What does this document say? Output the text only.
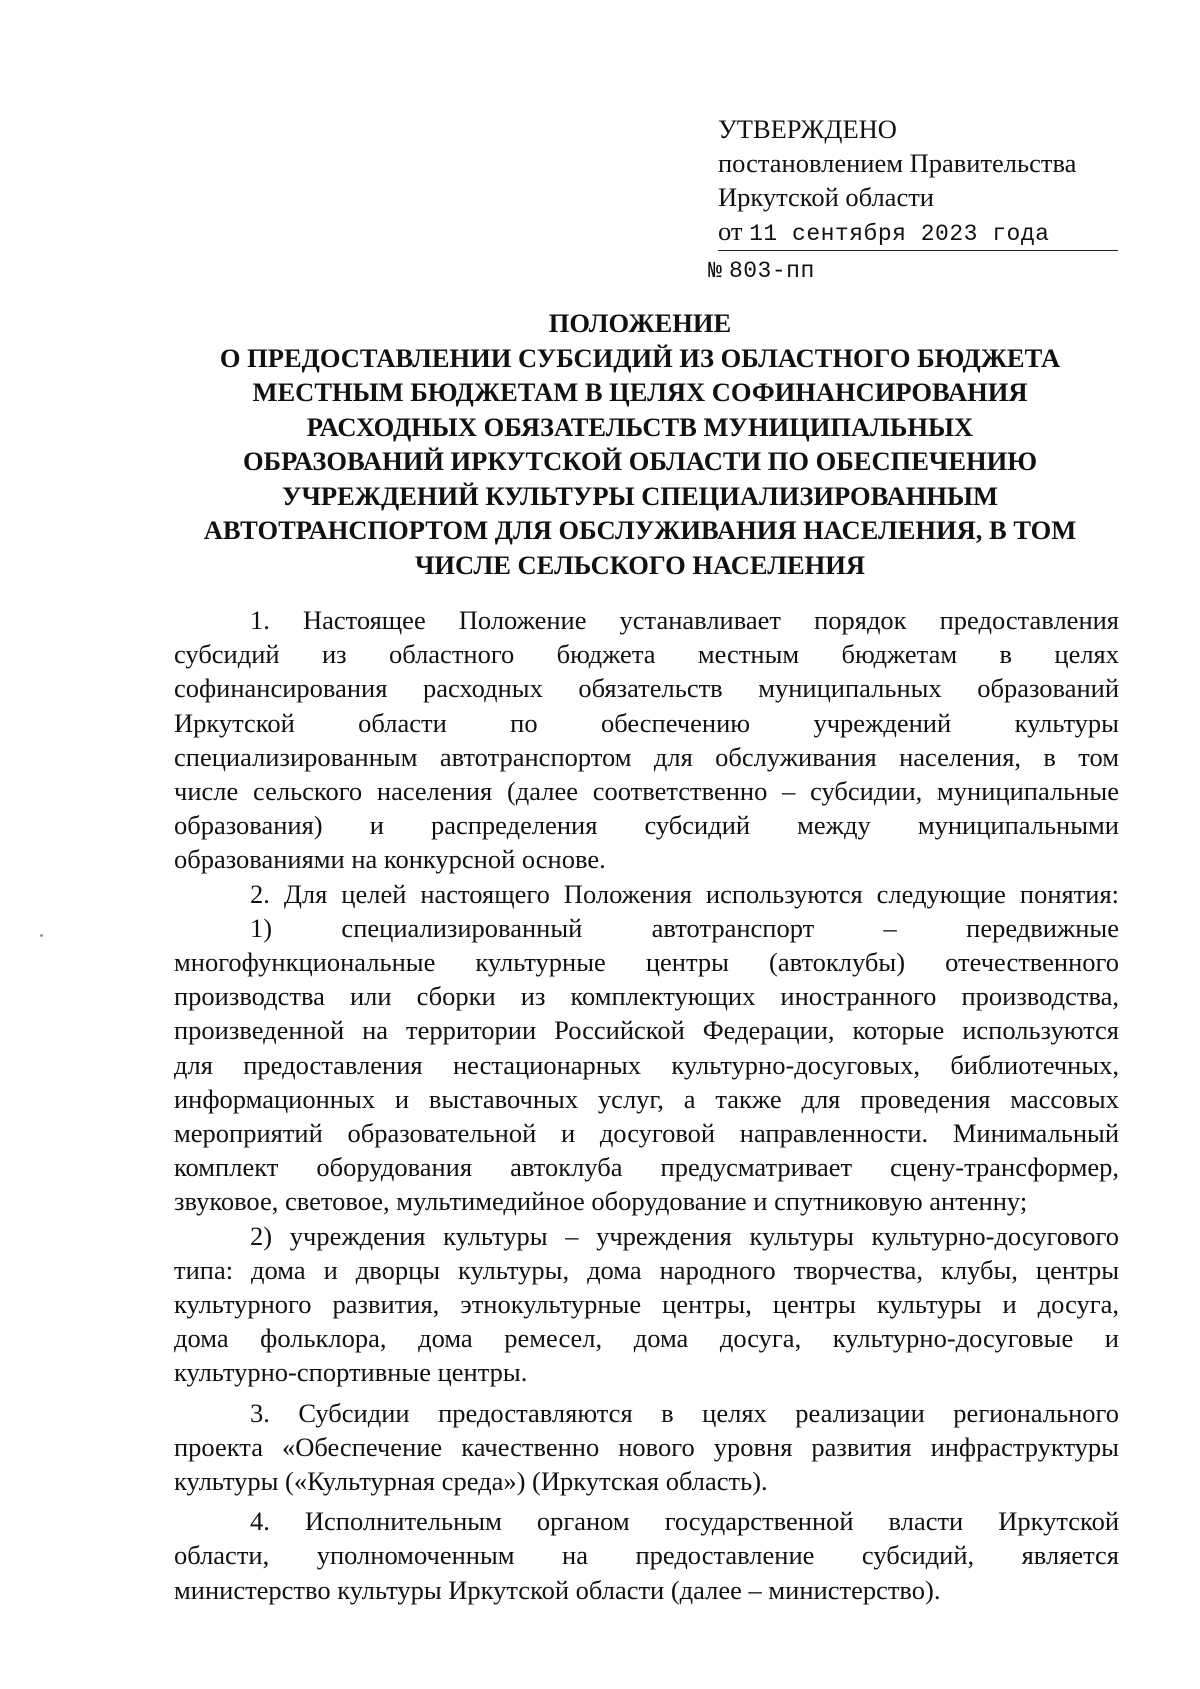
УТВЕРЖДЕНО
постановлением Правительства
Иркутской области
от 11 сентября 2023 года
№ 803-пп
ПОЛОЖЕНИЕ
О ПРЕДОСТАВЛЕНИИ СУБСИДИЙ ИЗ ОБЛАСТНОГО БЮДЖЕТА
МЕСТНЫМ БЮДЖЕТАМ В ЦЕЛЯХ СОФИНАНСИРОВАНИЯ
РАСХОДНЫХ ОБЯЗАТЕЛЬСТВ МУНИЦИПАЛЬНЫХ
ОБРАЗОВАНИЙ ИРКУТСКОЙ ОБЛАСТИ ПО ОБЕСПЕЧЕНИЮ
УЧРЕЖДЕНИЙ КУЛЬТУРЫ СПЕЦИАЛИЗИРОВАННЫМ
АВТОТРАНСПОРТОМ ДЛЯ ОБСЛУЖИВАНИЯ НАСЕЛЕНИЯ, В ТОМ
ЧИСЛЕ СЕЛЬСКОГО НАСЕЛЕНИЯ
1. Настоящее Положение устанавливает порядок предоставления
субсидий из областного бюджета местным бюджетам в целях
софинансирования расходных обязательств муниципальных образований
Иркутской области по обеспечению учреждений культуры
специализированным автотранспортом для обслуживания населения, в том
числе сельского населения (далее соответственно – субсидии, муниципальные
образования) и распределения субсидий между муниципальными
образованиями на конкурсной основе.
2. Для целей настоящего Положения используются следующие понятия:
1) специализированный автотранспорт – передвижные
многофункциональные культурные центры (автоклубы) отечественного
производства или сборки из комплектующих иностранного производства,
произведенной на территории Российской Федерации, которые используются
для предоставления нестационарных культурно-досуговых, библиотечных,
информационных и выставочных услуг, а также для проведения массовых
мероприятий образовательной и досуговой направленности. Минимальный
комплект оборудования автоклуба предусматривает сцену-трансформер,
звуковое, световое, мультимедийное оборудование и спутниковую антенну;
2) учреждения культуры – учреждения культуры культурно-досугового
типа: дома и дворцы культуры, дома народного творчества, клубы, центры
культурного развития, этнокультурные центры, центры культуры и досуга,
дома фольклора, дома ремесел, дома досуга, культурно-досуговые и
культурно-спортивные центры.
3. Субсидии предоставляются в целях реализации регионального
проекта «Обеспечение качественно нового уровня развития инфраструктуры
культуры («Культурная среда») (Иркутская область).
4. Исполнительным органом государственной власти Иркутской
области, уполномоченным на предоставление субсидий, является
министерство культуры Иркутской области (далее – министерство).
